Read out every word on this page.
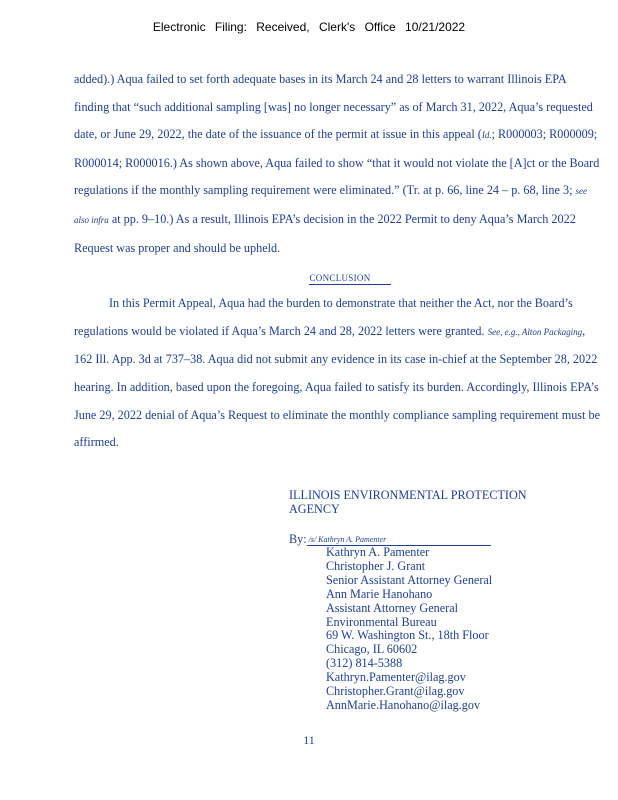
Electronic Filing: Received, Clerk's Office 10/21/2022

added).) Aqua failed to set forth adequate bases in its March 24 and 28 letters to warrant Illinois EPA finding that “such additional sampling [was] no longer necessary” as of March 31, 2022, Aqua’s requested date, or June 29, 2022, the date of the issuance of the permit at issue in this appeal (Id.; R000003; R000009; R000014; R000016.) As shown above, Aqua failed to show “that it would not violate the [A]ct or the Board regulations if the monthly sampling requirement were eliminated.” (Tr. at p. 66, line 24 – p. 68, line 3; see also infra at pp. 9–10.) As a result, Illinois EPA’s decision in the 2022 Permit to deny Aqua’s March 2022 Request was proper and should be upheld.

CONCLUSION

In this Permit Appeal, Aqua had the burden to demonstrate that neither the Act, nor the Board’s regulations would be violated if Aqua’s March 24 and 28, 2022 letters were granted. See, e.g., Alton Packaging, 162 Ill. App. 3d at 737–38. Aqua did not submit any evidence in its case in-chief at the September 28, 2022 hearing. In addition, based upon the foregoing, Aqua failed to satisfy its burden. Accordingly, Illinois EPA’s June 29, 2022 denial of Aqua’s Request to eliminate the monthly compliance sampling requirement must be affirmed.

ILLINOIS ENVIRONMENTAL PROTECTION AGENCY
By: /s/ Kathryn A. Pamenter
Kathryn A. Pamenter
Christopher J. Grant
Senior Assistant Attorney General
Ann Marie Hanohano
Assistant Attorney General
Environmental Bureau
69 W. Washington St., 18th Floor
Chicago, IL 60602
(312) 814-5388
Kathryn.Pamenter@ilag.gov
Christopher.Grant@ilag.gov
AnnMarie.Hanohano@ilag.gov
11
